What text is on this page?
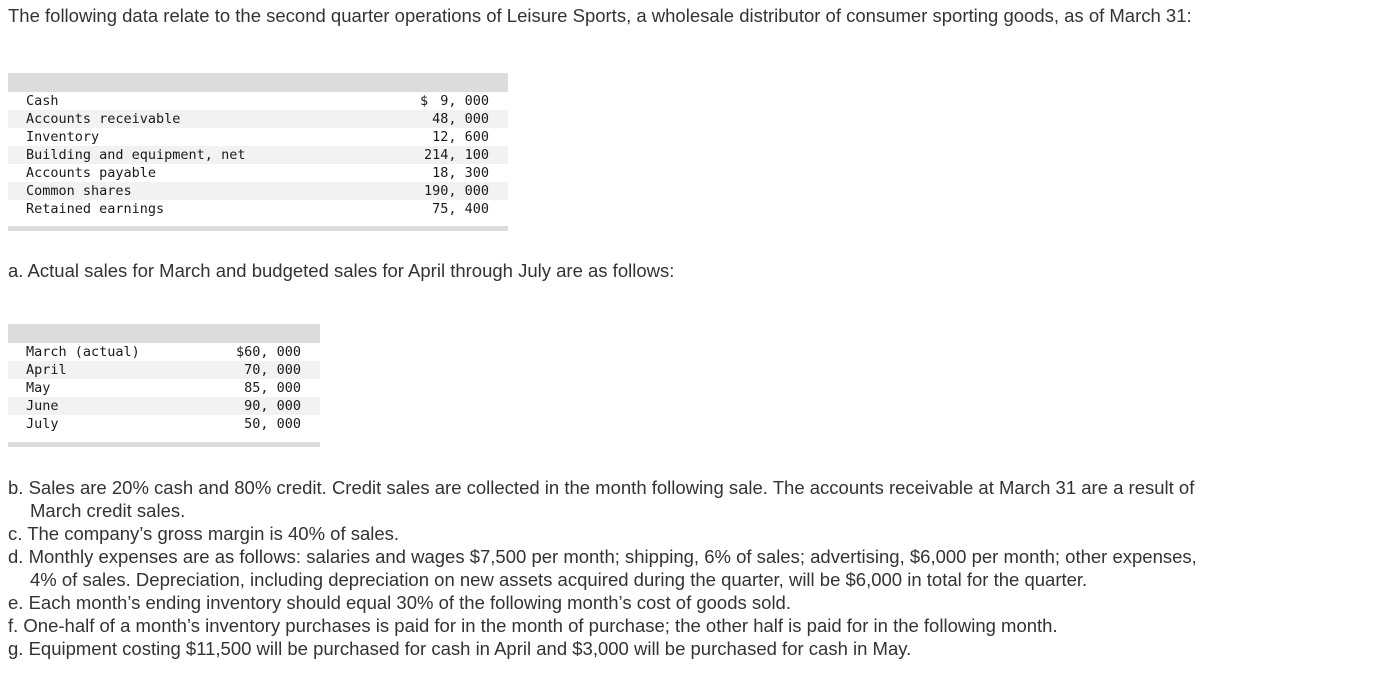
The following data relate to the second quarter operations of Leisure Sports, a wholesale distributor of consumer sporting goods, as of March 31:

Cash	$ 9, 000
Accounts receivable	48, 000
Inventory	12, 600
Building and equipment, net	214, 100
Accounts payable	18, 300
Common shares	190, 000
Retained earnings	75, 400

a. Actual sales for March and budgeted sales for April through July are as follows:

March (actual)	$60, 000
April	70, 000
May	85, 000
June	90, 000
July	50, 000
b. Sales are 20% cash and 80% credit. Credit sales are collected in the month following sale. The accounts receivable at March 31 are a result of March credit sales.
c. The company’s gross margin is 40% of sales.
d. Monthly expenses are as follows: salaries and wages $7,500 per month; shipping, 6% of sales; advertising, $6,000 per month; other expenses, 4% of sales. Depreciation, including depreciation on new assets acquired during the quarter, will be $6,000 in total for the quarter.
e. Each month’s ending inventory should equal 30% of the following month’s cost of goods sold.
f. One-half of a month’s inventory purchases is paid for in the month of purchase; the other half is paid for in the following month.
g. Equipment costing $11,500 will be purchased for cash in April and $3,000 will be purchased for cash in May.
